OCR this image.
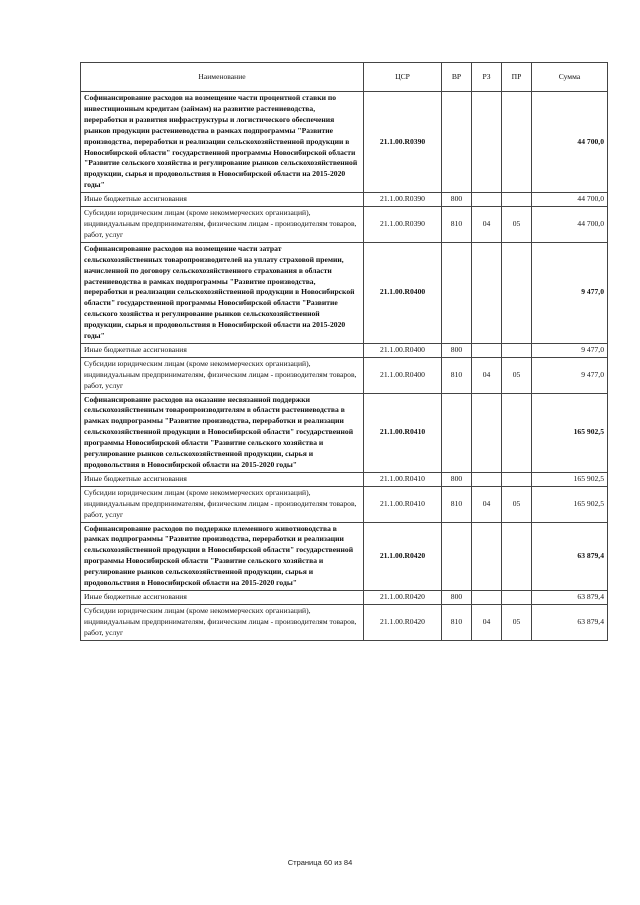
Наименование	ЦСР	ВР	РЗ	ПР	Сумма
Софинансирование расходов на возмещение части процентной ставки по инвестиционным кредитам (займам) на развитие растениеводства, переработки и развития инфраструктуры и логистического обеспечения рынков продукции растениеводства в рамках подпрограммы "Развитие производства, переработки и реализации сельскохозяйственной продукции в Новосибирской области" государственной программы Новосибирской области "Развитие сельского хозяйства и регулирование рынков сельскохозяйственной продукции, сырья и продовольствия в Новосибирской области на 2015-2020 годы"	21.1.00.R0390				44 700,0
Иные бюджетные ассигнования	21.1.00.R0390	800			44 700,0
Субсидии юридическим лицам (кроме некоммерческих организаций), индивидуальным предпринимателям, физическим лицам - производителям товаров, работ, услуг	21.1.00.R0390	810	04	05	44 700,0
Софинансирование расходов на возмещение части затрат сельскохозяйственных товаропроизводителей на уплату страховой премии, начисленной по договору сельскохозяйственного страхования в области растениеводства в рамках подпрограммы "Развитие производства, переработки и реализации сельскохозяйственной продукции в Новосибирской области" государственной программы Новосибирской области "Развитие сельского хозяйства и регулирование рынков сельскохозяйственной продукции, сырья и продовольствия в Новосибирской области на 2015-2020 годы"	21.1.00.R0400				9 477,0
Иные бюджетные ассигнования	21.1.00.R0400	800			9 477,0
Субсидии юридическим лицам (кроме некоммерческих организаций), индивидуальным предпринимателям, физическим лицам - производителям товаров, работ, услуг	21.1.00.R0400	810	04	05	9 477,0
Софинансирование расходов на оказание несвязанной поддержки сельскохозяйственным товаропроизводителям в области растениеводства в рамках подпрограммы "Развитие производства, переработки и реализации сельскохозяйственной продукции в Новосибирской области" государственной программы Новосибирской области "Развитие сельского хозяйства и регулирование рынков сельскохозяйственной продукции, сырья и продовольствия в Новосибирской области на 2015-2020 годы"	21.1.00.R0410				165 902,5
Иные бюджетные ассигнования	21.1.00.R0410	800			165 902,5
Субсидии юридическим лицам (кроме некоммерческих организаций), индивидуальным предпринимателям, физическим лицам - производителям товаров, работ, услуг	21.1.00.R0410	810	04	05	165 902,5
Софинансирование расходов по поддержке племенного животноводства в рамках подпрограммы "Развитие производства, переработки и реализации сельскохозяйственной продукции в Новосибирской области" государственной программы Новосибирской области "Развитие сельского хозяйства и регулирование рынков сельскохозяйственной продукции, сырья и продовольствия в Новосибирской области на 2015-2020 годы"	21.1.00.R0420				63 879,4
Иные бюджетные ассигнования	21.1.00.R0420	800			63 879,4
Субсидии юридическим лицам (кроме некоммерческих организаций), индивидуальным предпринимателям, физическим лицам - производителям товаров, работ, услуг	21.1.00.R0420	810	04	05	63 879,4
Страница 60 из 84
